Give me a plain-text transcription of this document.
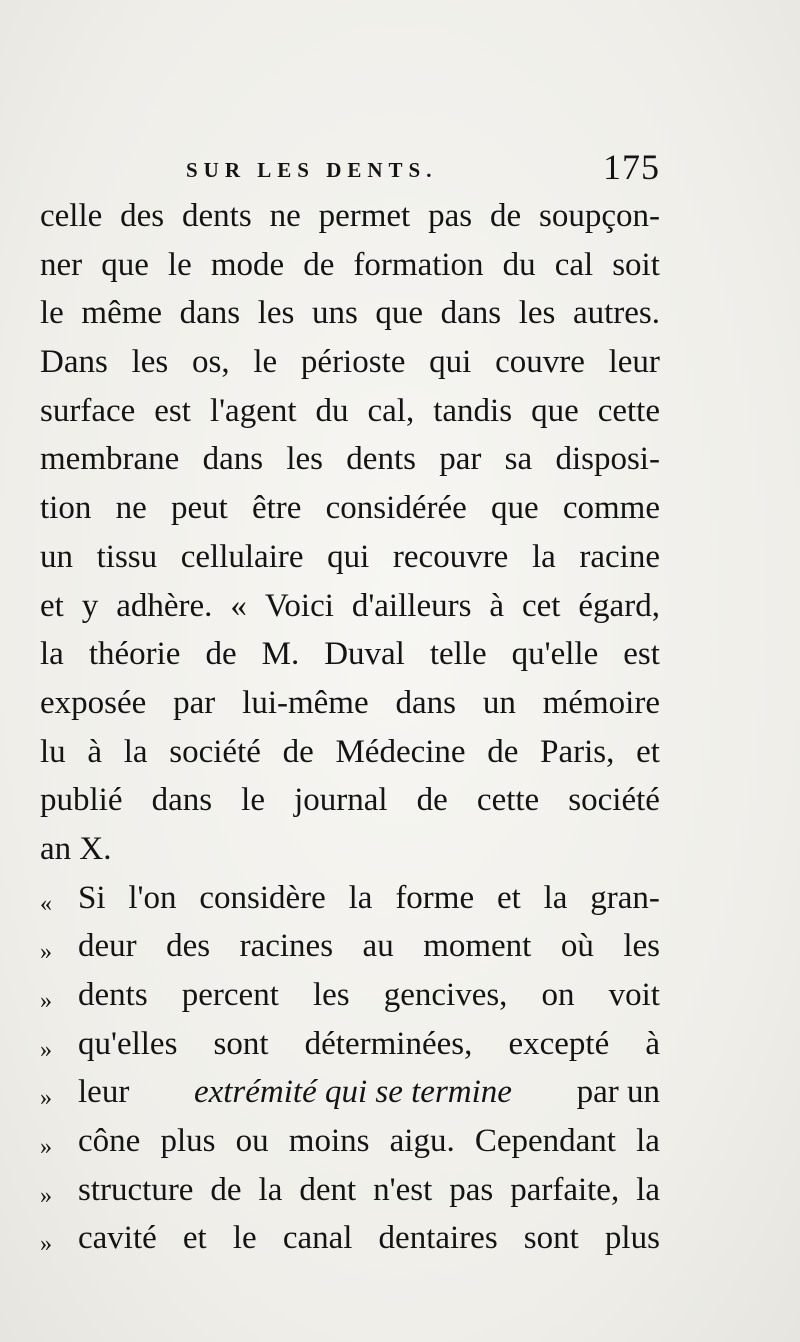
SUR LES DENTS.	175
celle des dents ne permet pas de soupçon-
ner que le mode de formation du cal soit
le même dans les uns que dans les autres.
Dans les os, le périoste qui couvre leur
surface est l'agent du cal, tandis que cette
membrane dans les dents par sa disposi-
tion ne peut être considérée que comme
un tissu cellulaire qui recouvre la racine
et y adhère. « Voici d'ailleurs à cet égard,
la théorie de M. Duval telle qu'elle est
exposée par lui-même dans un mémoire
lu à la société de Médecine de Paris, et
publié dans le journal de cette société
an X.
« Si l'on considère la forme et la gran-
» deur des racines au moment où les
» dents percent les gencives, on voit
» qu'elles sont déterminées, excepté à
» leur extrémité qui se termine par un
» cône plus ou moins aigu. Cependant la
» structure de la dent n'est pas parfaite, la
» cavité et le canal dentaires sont plus
